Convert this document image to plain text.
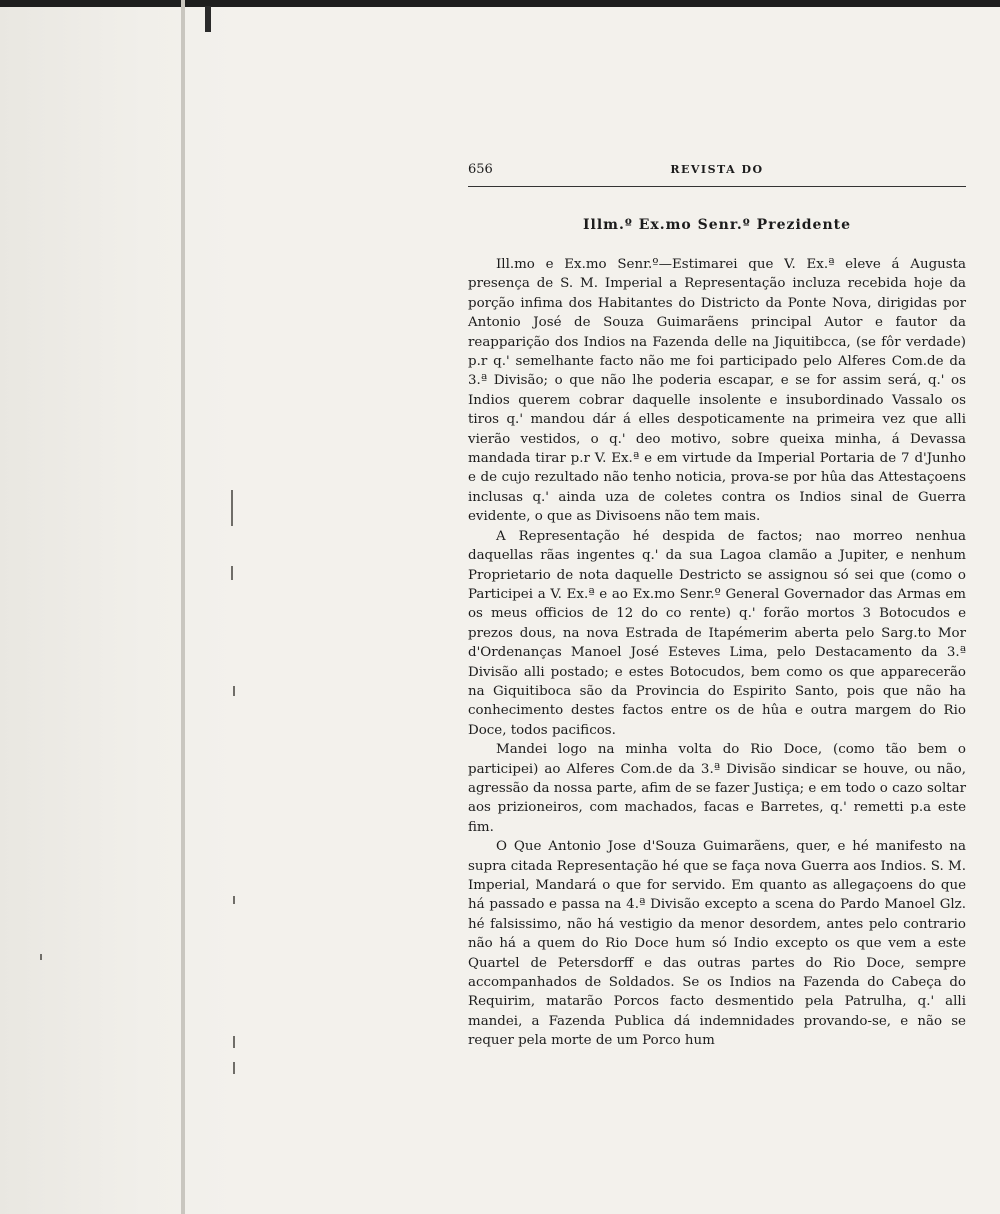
656	REVISTA DO
Illm.º Ex.mo Senr.º Prezidente

Ill.mo e Ex.mo Senr.º—Estimarei que V. Ex.ª eleve á Augusta presença de S. M. Imperial a Representação incluza recebida hoje da porção infima dos Habitantes do Districto da Ponte Nova, dirigidas por Antonio José de Souza Guimarãens principal Autor e fautor da reapparição dos Indios na Fazenda delle na Jiquitibcca, (se fôr verdade) p.r q.' semelhante facto não me foi participado pelo Alferes Com.de da 3.ª Divisão; o que não lhe poderia escapar, e se for assim será, q.' os Indios querem cobrar daquelle insolente e insubordinado Vassalo os tiros q.' mandou dár á elles despoticamente na primeira vez que alli vierão vestidos, o q.' deo motivo, sobre queixa minha, á Devassa mandada tirar p.r V. Ex.ª e em virtude da Imperial Portaria de 7 d'Junho e de cujo rezultado não tenho noticia, prova-se por hûa das Attestaçoens inclusas q.' ainda uza de coletes contra os Indios sinal de Guerra evidente, o que as Divisoens não tem mais.

A Representação hé despida de factos; nao morreo nenhua daquellas rãas ingentes q.' da sua Lagoa clamão a Jupiter, e nenhum Proprietario de nota daquelle Destricto se assignou só sei que (como o Participei a V. Ex.ª e ao Ex.mo Senr.º General Governador das Armas em os meus officios de 12 do co rente) q.' forão mortos 3 Botocudos e prezos dous, na nova Estrada de Itapémerim aberta pelo Sarg.to Mor d'Ordenanças Manoel José Esteves Lima, pelo Destacamento da 3.ª Divisão alli postado; e estes Botocudos, bem como os que apparecerão na Giquitiboca são da Provincia do Espirito Santo, pois que não ha conhecimento destes factos entre os de hûa e outra margem do Rio Doce, todos pacificos.

Mandei logo na minha volta do Rio Doce, (como tão bem o participei) ao Alferes Com.de da 3.ª Divisão sindicar se houve, ou não, agressão da nossa parte, afim de se fazer Justiça; e em todo o cazo soltar aos prizioneiros, com machados, facas e Barretes, q.' remetti p.a este fim.

O Que Antonio Jose d'Souza Guimarãens, quer, e hé manifesto na supra citada Representação hé que se faça nova Guerra aos Indios. S. M. Imperial, Mandará o que for servido. Em quanto as allegaçoens do que há passado e passa na 4.ª Divisão excepto a scena do Pardo Manoel Glz. hé falsissimo, não há vestigio da menor desordem, antes pelo contrario não há a quem do Rio Doce hum só Indio excepto os que vem a este Quartel de Petersdorff e das outras partes do Rio Doce, sempre accompanhados de Soldados. Se os Indios na Fazenda do Cabeça do Requirim, matarão Porcos facto desmentido pela Patrulha, q.' alli mandei, a Fazenda Publica dá indemnidades provando-se, e não se requer pela morte de um Porco hum
